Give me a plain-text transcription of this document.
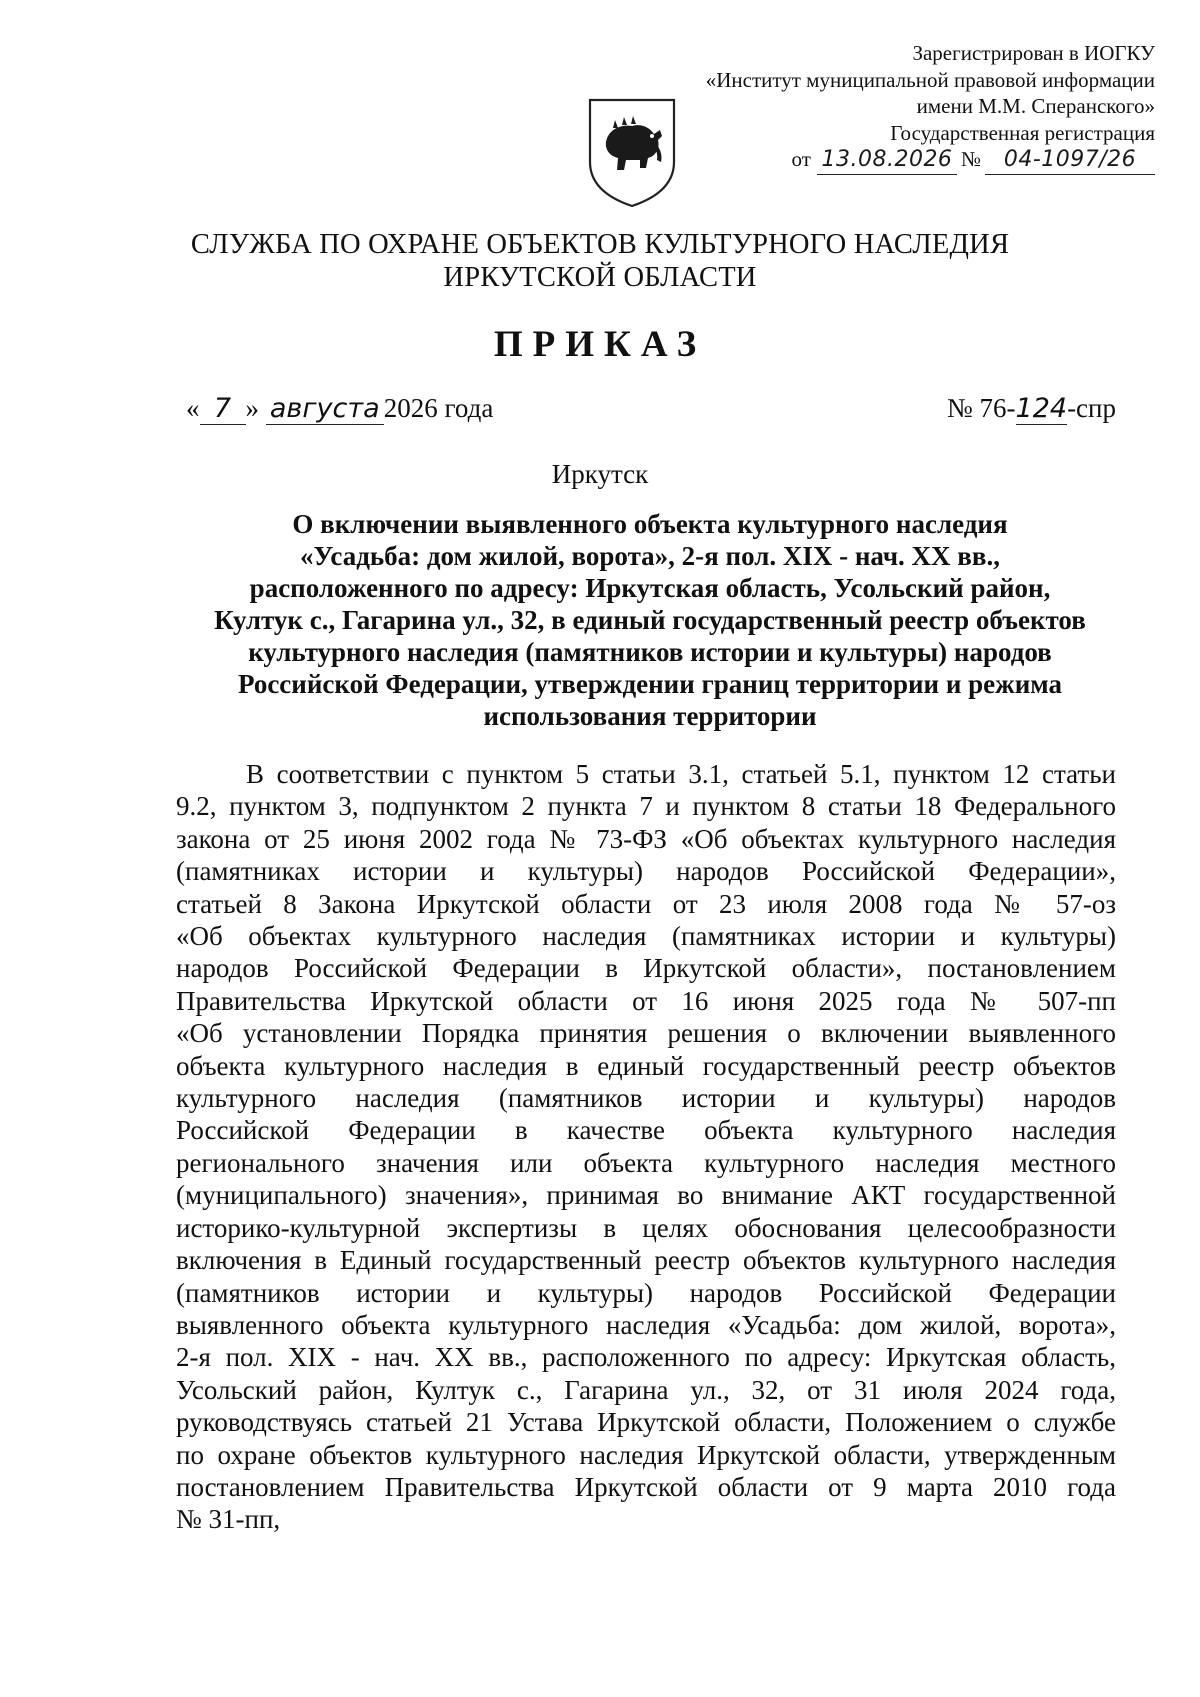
Зарегистрирован в ИОГКУ
«Институт муниципальной правовой информации
имени М.М. Сперанского»
Государственная регистрация
от 13.08.2026 № 04-1097/26
СЛУЖБА ПО ОХРАНЕ ОБЪЕКТОВ КУЛЬТУРНОГО НАСЛЕДИЯ
ИРКУТСКОЙ ОБЛАСТИ
ПРИКАЗ
« 7 » августа 2026 года	№ 76-124-спр
Иркутск
О включении выявленного объекта культурного наследия
«Усадьба: дом жилой, ворота», 2-я пол. XIX - нач. XX вв.,
расположенного по адресу: Иркутская область, Усольский район,
Култук с., Гагарина ул., 32, в единый государственный реестр объектов
культурного наследия (памятников истории и культуры) народов
Российской Федерации, утверждении границ территории и режима
использования территории
В соответствии с пунктом 5 статьи 3.1, статьей 5.1, пунктом 12 статьи
9.2, пунктом 3, подпунктом 2 пункта 7 и пунктом 8 статьи 18 Федерального
закона от 25 июня 2002 года № 73-ФЗ «Об объектах культурного наследия
(памятниках истории и культуры) народов Российской Федерации»,
статьей 8 Закона Иркутской области от 23 июля 2008 года № 57-оз
«Об объектах культурного наследия (памятниках истории и культуры)
народов Российской Федерации в Иркутской области», постановлением
Правительства Иркутской области от 16 июня 2025 года № 507-пп
«Об установлении Порядка принятия решения о включении выявленного
объекта культурного наследия в единый государственный реестр объектов
культурного наследия (памятников истории и культуры) народов
Российской Федерации в качестве объекта культурного наследия
регионального значения или объекта культурного наследия местного
(муниципального) значения», принимая во внимание АКТ государственной
историко-культурной экспертизы в целях обоснования целесообразности
включения в Единый государственный реестр объектов культурного наследия
(памятников истории и культуры) народов Российской Федерации
выявленного объекта культурного наследия «Усадьба: дом жилой, ворота»,
2-я пол. XIX - нач. XX вв., расположенного по адресу: Иркутская область,
Усольский район, Култук с., Гагарина ул., 32, от 31 июля 2024 года,
руководствуясь статьей 21 Устава Иркутской области, Положением о службе
по охране объектов культурного наследия Иркутской области, утвержденным
постановлением Правительства Иркутской области от 9 марта 2010 года
№ 31-пп,
